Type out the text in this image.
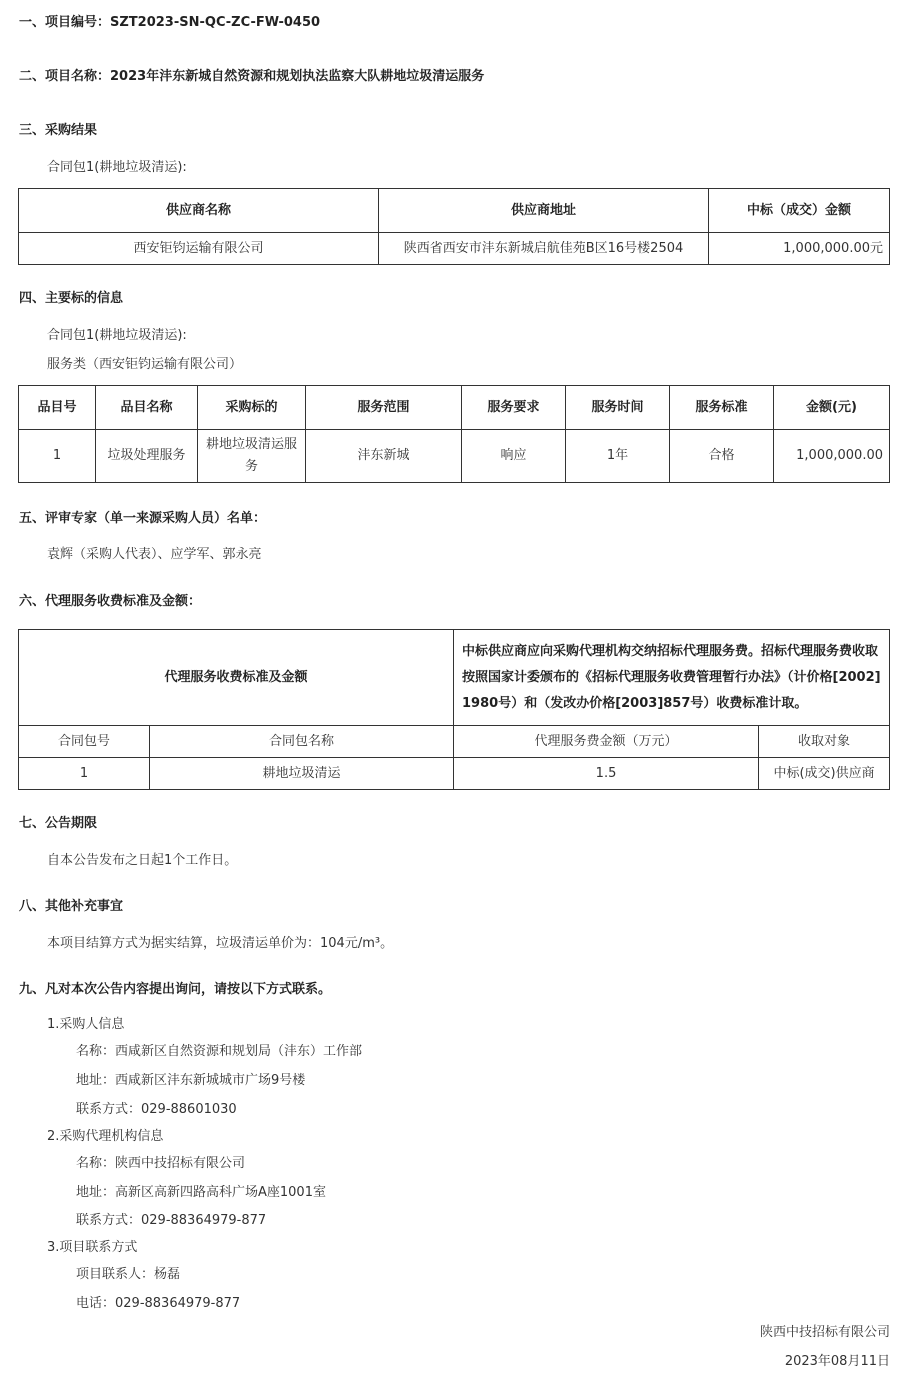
一、项目编号：SZT2023-SN-QC-ZC-FW-0450
二、项目名称：2023年沣东新城自然资源和规划执法监察大队耕地垃圾清运服务
三、采购结果
合同包1(耕地垃圾清运):
供应商名称	供应商地址	中标（成交）金额
西安钜钧运输有限公司	陕西省西安市沣东新城启航佳苑B区16号楼2504	1,000,000.00元
四、主要标的信息
合同包1(耕地垃圾清运):
服务类（西安钜钧运输有限公司）
品目号	品目名称	采购标的	服务范围	服务要求	服务时间	服务标准	金额(元)
1	垃圾处理服务	耕地垃圾清运服务	沣东新城	响应	1年	合格	1,000,000.00
五、评审专家（单一来源采购人员）名单：
袁辉（采购人代表）、应学军、郭永亮
六、代理服务收费标准及金额：
代理服务收费标准及金额		中标供应商应向采购代理机构交纳招标代理服务费。招标代理服务费收取按照国家计委颁布的《招标代理服务收费管理暂行办法》（计价格[2002]1980号）和（发改办价格[2003]857号）收费标准计取。	
合同包号	合同包名称	代理服务费金额（万元）	收取对象
1	耕地垃圾清运	1.5	中标(成交)供应商
七、公告期限
自本公告发布之日起1个工作日。
八、其他补充事宜
本项目结算方式为据实结算，垃圾清运单价为：104元/m³。
九、凡对本次公告内容提出询问，请按以下方式联系。
1.采购人信息
名称：西咸新区自然资源和规划局（沣东）工作部
地址：西咸新区沣东新城城市广场9号楼
联系方式：029-88601030
2.采购代理机构信息
名称：陕西中技招标有限公司
地址：高新区高新四路高科广场A座1001室
联系方式：029-88364979-877
3.项目联系方式
项目联系人：杨磊
电话：029-88364979-877
陕西中技招标有限公司
2023年08月11日
